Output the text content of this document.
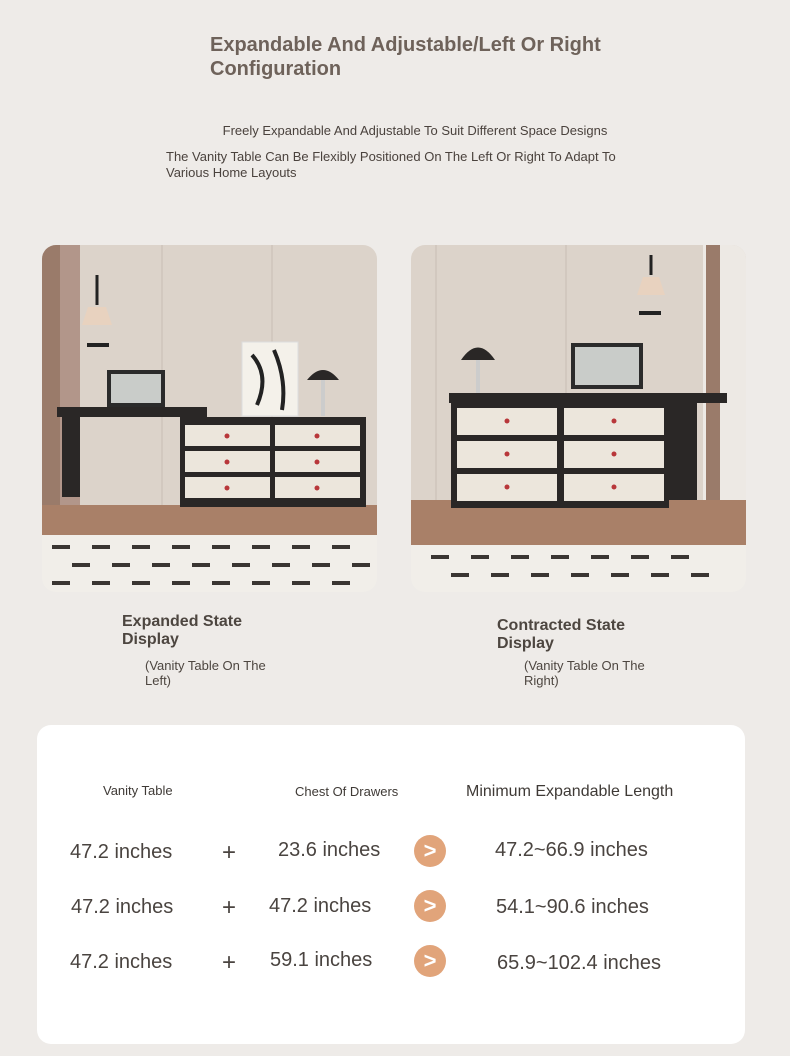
Expandable And Adjustable/Left Or Right Configuration
Freely Expandable And Adjustable To Suit Different Space Designs
The Vanity Table Can Be Flexibly Positioned On The Left Or Right To Adapt To Various Home Layouts
Expanded State Display
(Vanity Table On The Left)
Contracted State Display
(Vanity Table On The Right)
Vanity Table	Chest Of Drawers	Minimum Expandable Length
47.2 inches + 23.6 inches	>	47.2~66.9 inches
47.2 inches + 47.2 inches	>	54.1~90.6 inches
47.2 inches + 59.1 inches	>	65.9~102.4 inches
